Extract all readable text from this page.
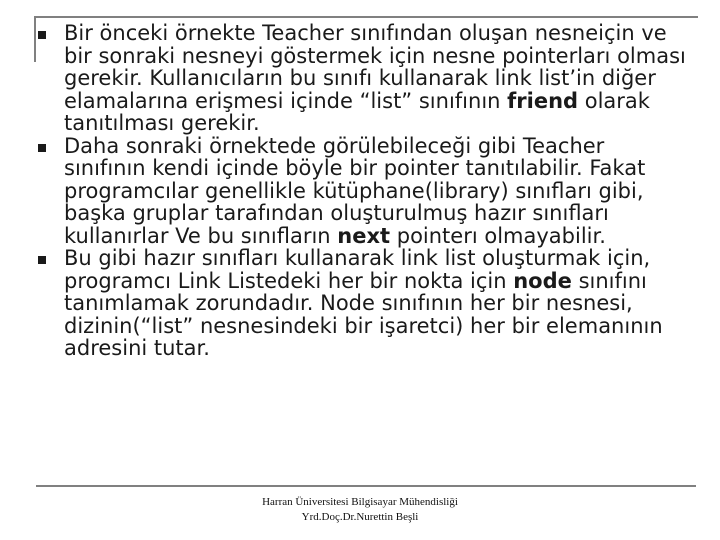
Bir önceki örnekte Teacher sınıfından oluşan nesneiçin ve bir sonraki nesneyi göstermek için nesne pointerları olması gerekir. Kullanıcıların bu sınıfı kullanarak link list’in diğer elamalarına erişmesi içinde “list” sınıfının friend olarak tanıtılması gerekir.
Daha sonraki örnektede görülebileceği gibi Teacher sınıfının kendi içinde böyle bir pointer tanıtılabilir. Fakat programcılar genellikle kütüphane(library) sınıfları gibi, başka gruplar tarafından oluşturulmuş hazır sınıfları kullanırlar Ve bu sınıfların next pointerı olmayabilir.
Bu gibi hazır sınıfları kullanarak link list oluşturmak için, programcı Link Listedeki her bir nokta için node sınıfını tanımlamak zorundadır. Node sınıfının her bir nesnesi, dizinin(“list” nesnesindeki bir işaretci) her bir elemanının adresini tutar.
Harran Üniversitesi Bilgisayar Mühendisliği
Yrd.Doç.Dr.Nurettin Beşli
